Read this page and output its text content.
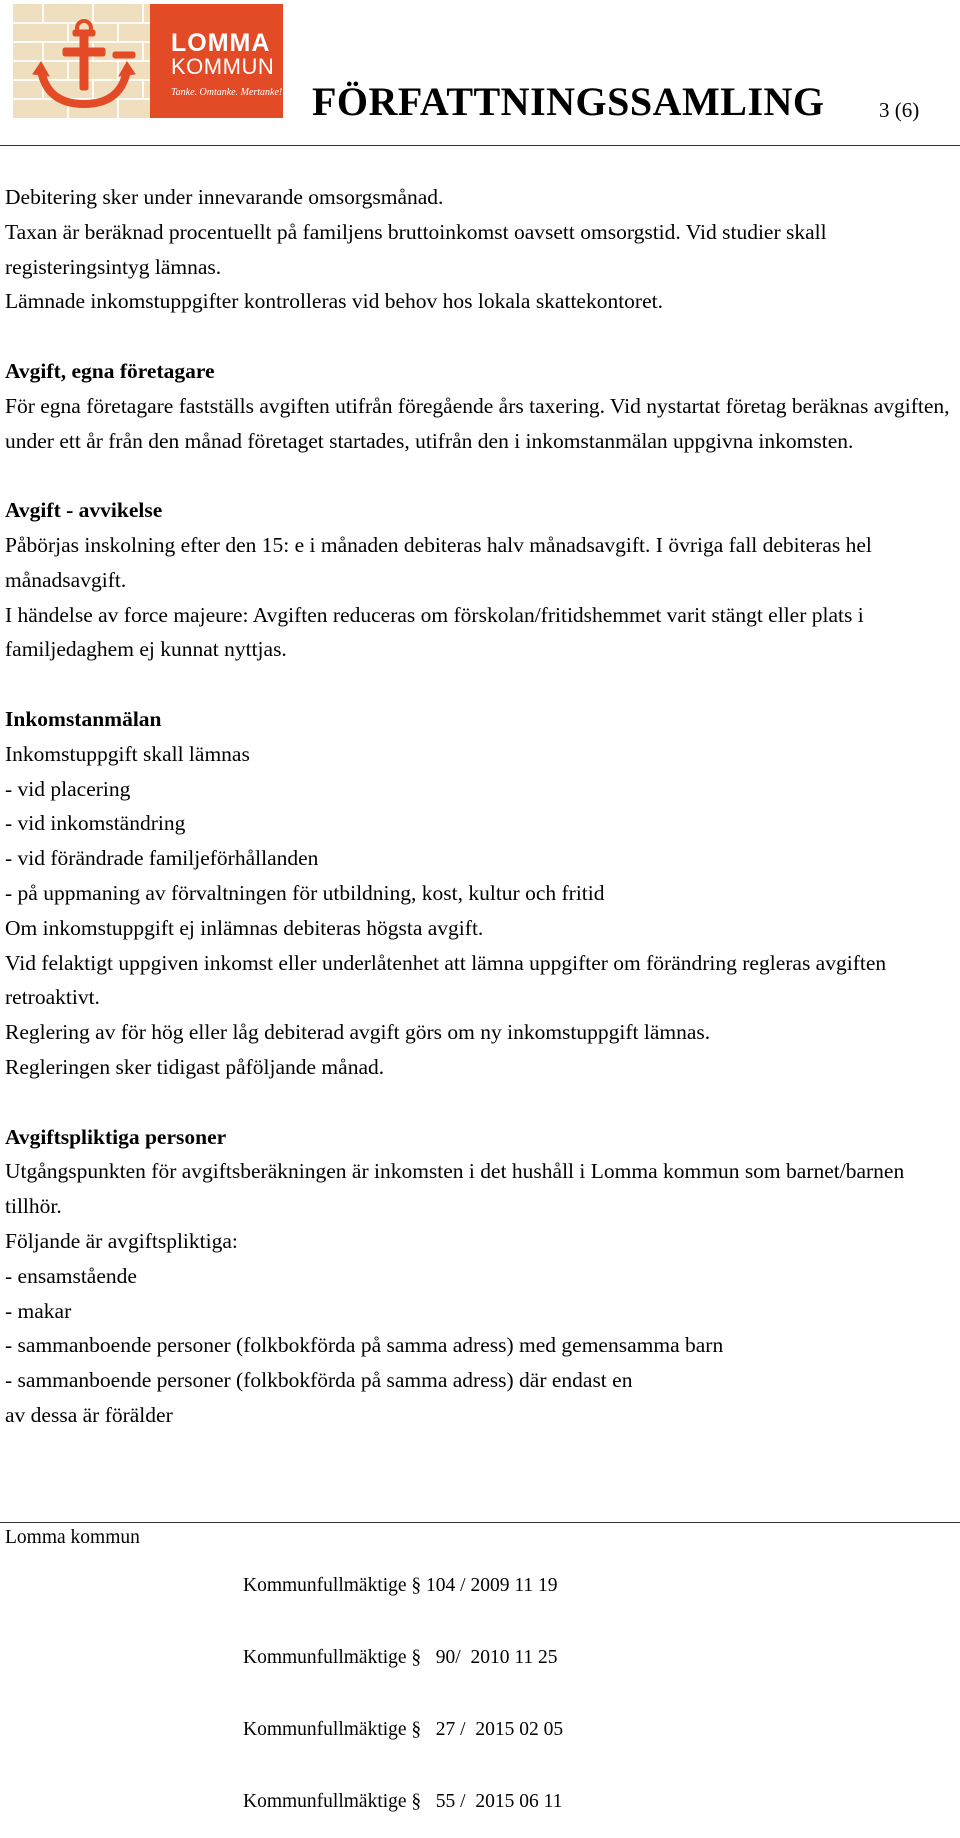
LOMMA
KOMMUN
Tanke. Omtanke. Mertanke! FÖRFATTNINGSSAMLING	3 (6)

Debitering sker under innevarande omsorgsmånad.

Taxan är beräknad procentuellt på familjens bruttoinkomst oavsett omsorgstid. Vid studier skall registeringsintyg lämnas.

Lämnade inkomstuppgifter kontrolleras vid behov hos lokala skattekontoret.

Avgift, egna företagare

För egna företagare fastställs avgiften utifrån föregående års taxering. Vid nystartat företag beräknas avgiften, under ett år från den månad företaget startades, utifrån den i inkomstanmälan uppgivna inkomsten.

Avgift - avvikelse

Påbörjas inskolning efter den 15: e i månaden debiteras halv månadsavgift. I övriga fall debiteras hel månadsavgift.

I händelse av force majeure: Avgiften reduceras om förskolan/fritidshemmet varit stängt eller plats i familjedaghem ej kunnat nyttjas.

Inkomstanmälan

Inkomstuppgift skall lämnas

- vid placering

- vid inkomständring

- vid förändrade familjeförhållanden

- på uppmaning av förvaltningen för utbildning, kost, kultur och fritid

Om inkomstuppgift ej inlämnas debiteras högsta avgift.

Vid felaktigt uppgiven inkomst eller underlåtenhet att lämna uppgifter om förändring regleras avgiften retroaktivt.

Reglering av för hög eller låg debiterad avgift görs om ny inkomstuppgift lämnas.

Regleringen sker tidigast påföljande månad.

Avgiftspliktiga personer

Utgångspunkten för avgiftsberäkningen är inkomsten i det hushåll i Lomma kommun som barnet/barnen tillhör.

Följande är avgiftspliktiga:

- ensamstående

- makar

- sammanboende personer (folkbokförda på samma adress) med gemensamma barn

- sammanboende personer (folkbokförda på samma adress) där endast en

av dessa är förälder

Lomma kommun

Kommunfullmäktige § 104 / 2009 11 19

Kommunfullmäktige §   90/  2010 11 25

Kommunfullmäktige §   27 /  2015 02 05

Kommunfullmäktige §   55 /  2015 06 11
